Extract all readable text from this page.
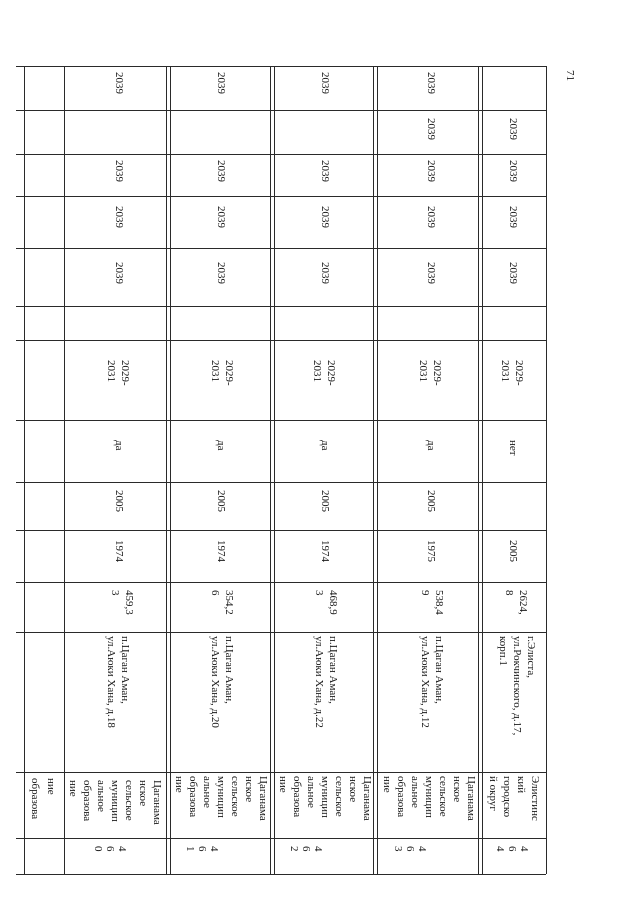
образова ние
4
6
0
Цаганама
нское
сельское
муницип
альное
образова
ние
п.Цаган Аман,
ул.Аюки Хана, д.18
459,3
3
1974
2005
да
2029-
2031
2039
2039
2039
2039
4
6
1
Цаганама
нское
сельское
муницип
альное
образова
ние
п.Цаган Аман,
ул.Аюки Хана, д.20
354,2
6
1974
2005
да
2029-
2031
2039
2039
2039
2039
4
6
2
Цаганама
нское
сельское
муницип
альное
образова
ние
п.Цаган Аман,
ул.Аюки Хана, д.22
468,9
3
1974
2005
да
2029-
2031
2039
2039
2039
2039
4
6
3
Цаганама
нское
сельское
муницип
альное
образова
ние
п.Цаган Аман,
ул.Аюки Хана, д.12
538,4
9
1975
2005
да
2029-
2031
2039
2039
2039
2039
2039
4
6
4
Элистинс
кий
городско
й округ
г.Элиста,
ул.Рокчинского, д.17,
корп.1
2624,
8
2005
нет
2029-
2031
2039
2039
2039
2039
71
